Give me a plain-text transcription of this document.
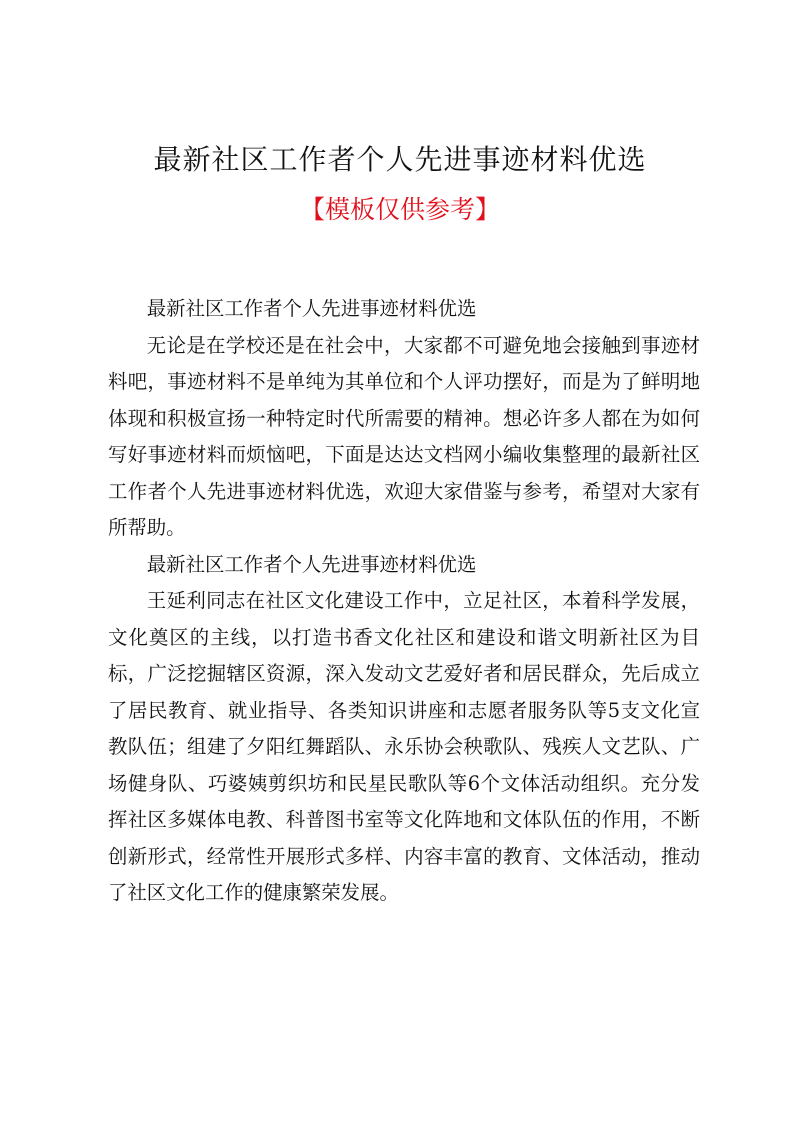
最新社区工作者个人先进事迹材料优选
【模板仅供参考】

最新社区工作者个人先进事迹材料优选

无论是在学校还是在社会中，大家都不可避免地会接触到事迹材料吧，事迹材料不是单纯为其单位和个人评功摆好，而是为了鲜明地体现和积极宣扬一种特定时代所需要的精神。想必许多人都在为如何写好事迹材料而烦恼吧，下面是达达文档网小编收集整理的最新社区工作者个人先进事迹材料优选，欢迎大家借鉴与参考，希望对大家有所帮助。

最新社区工作者个人先进事迹材料优选

王延利同志在社区文化建设工作中，立足社区，本着科学发展，文化奠区的主线，以打造书香文化社区和建设和谐文明新社区为目标，广泛挖掘辖区资源，深入发动文艺爱好者和居民群众，先后成立了居民教育、就业指导、各类知识讲座和志愿者服务队等5支文化宣教队伍；组建了夕阳红舞蹈队、永乐协会秧歌队、残疾人文艺队、广场健身队、巧婆姨剪织坊和民星民歌队等6个文体活动组织。充分发挥社区多媒体电教、科普图书室等文化阵地和文体队伍的作用，不断创新形式，经常性开展形式多样、内容丰富的教育、文体活动，推动了社区文化工作的健康繁荣发展。
